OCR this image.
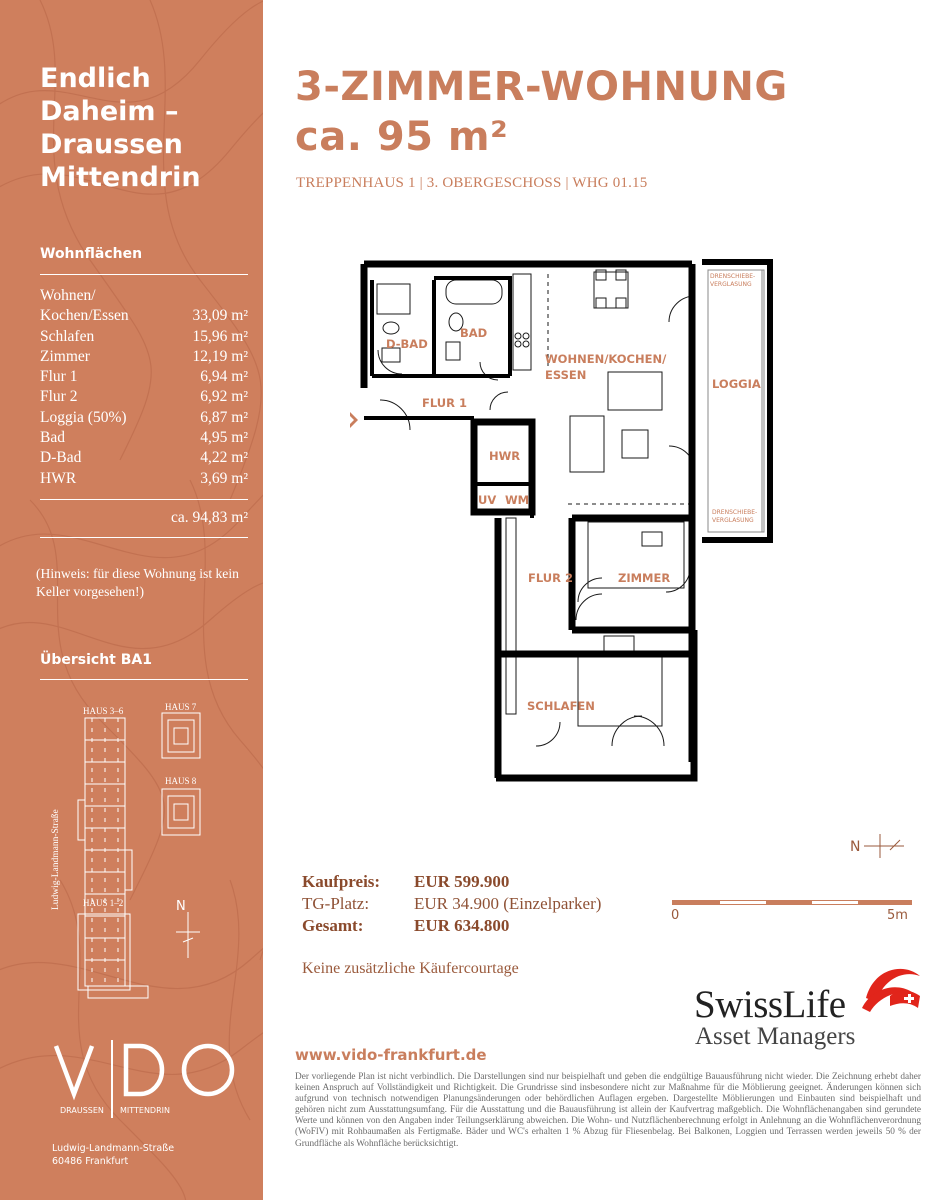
Endlich
Daheim –
Draussen
Mittendrin
Wohnflächen
Wohnen/
Kochen/Essen	33,09 m²
Schlafen	15,96 m²
Zimmer	12,19 m²
Flur 1	6,94 m²
Flur 2	6,92 m²
Loggia (50%)	6,87 m²
Bad	4,95 m²
D-Bad	4,22 m²
HWR	3,69 m²
ca. 94,83 m²
(Hinweis: für diese Wohnung ist kein Keller vorgesehen!)
Übersicht BA1
HAUS 3–6	HAUS 7
HAUS 8
HAUS 1–2	N
Ludwig-Landmann-Straße
DRAUSSEN MITTENDRIN
Ludwig-Landmann-Straße
60486 Frankfurt
3-ZIMMER-WOHNUNG
ca. 95 m²
TREPPENHAUS 1 | 3. OBERGESCHOSS | WHG 01.15
D-BAD
BAD
WOHNEN/KOCHEN/
ESSEN
LOGGIA
FLUR 1
HWR
UV WM
FLUR 2	ZIMMER
SCHLAFEN
DRENSCHIEBE-
VERGLASUNG
DRENSCHIEBE-
VERGLASUNG
N
Kaufpreis:	EUR 599.900
TG-Platz:	EUR 34.900 (Einzelparker)
Gesamt:	EUR 634.800
Keine zusätzliche Käufercourtage
0	5m
SwissLife
Asset Managers
www.vido-frankfurt.de
Der vorliegende Plan ist nicht verbindlich. Die Darstellungen sind nur beispielhaft und geben die endgültige Bauausführung nicht wieder. Die Zeichnung erhebt daher keinen Anspruch auf Vollständigkeit und Richtigkeit. Die Grundrisse sind insbesondere nicht zur Maßnahme für die Möblierung geeignet. Änderungen können sich aufgrund von technisch notwendigen Planungsänderungen oder behördlichen Auflagen ergeben. Dargestellte Möblierungen und Einbauten sind beispielhaft und gehören nicht zum Ausstattungsumfang. Für die Ausstattung und die Bauausführung ist allein der Kaufvertrag maßgeblich. Die Wohnflächenangaben sind gerundete Werte und können von den Angaben inder Teilungserklärung abweichen. Die Wohn- und Nutzflächenberechnung erfolgt in Anlehnung an die Wohnflächenverordnung (WoFlV) mit Rohbaumaßen als Fertigmaße. Bäder und WC's erhalten 1 % Abzug für Fliesenbelag. Bei Balkonen, Loggien und Terrassen werden jeweils 50 % der Grundfläche als Wohnfläche berücksichtigt.
